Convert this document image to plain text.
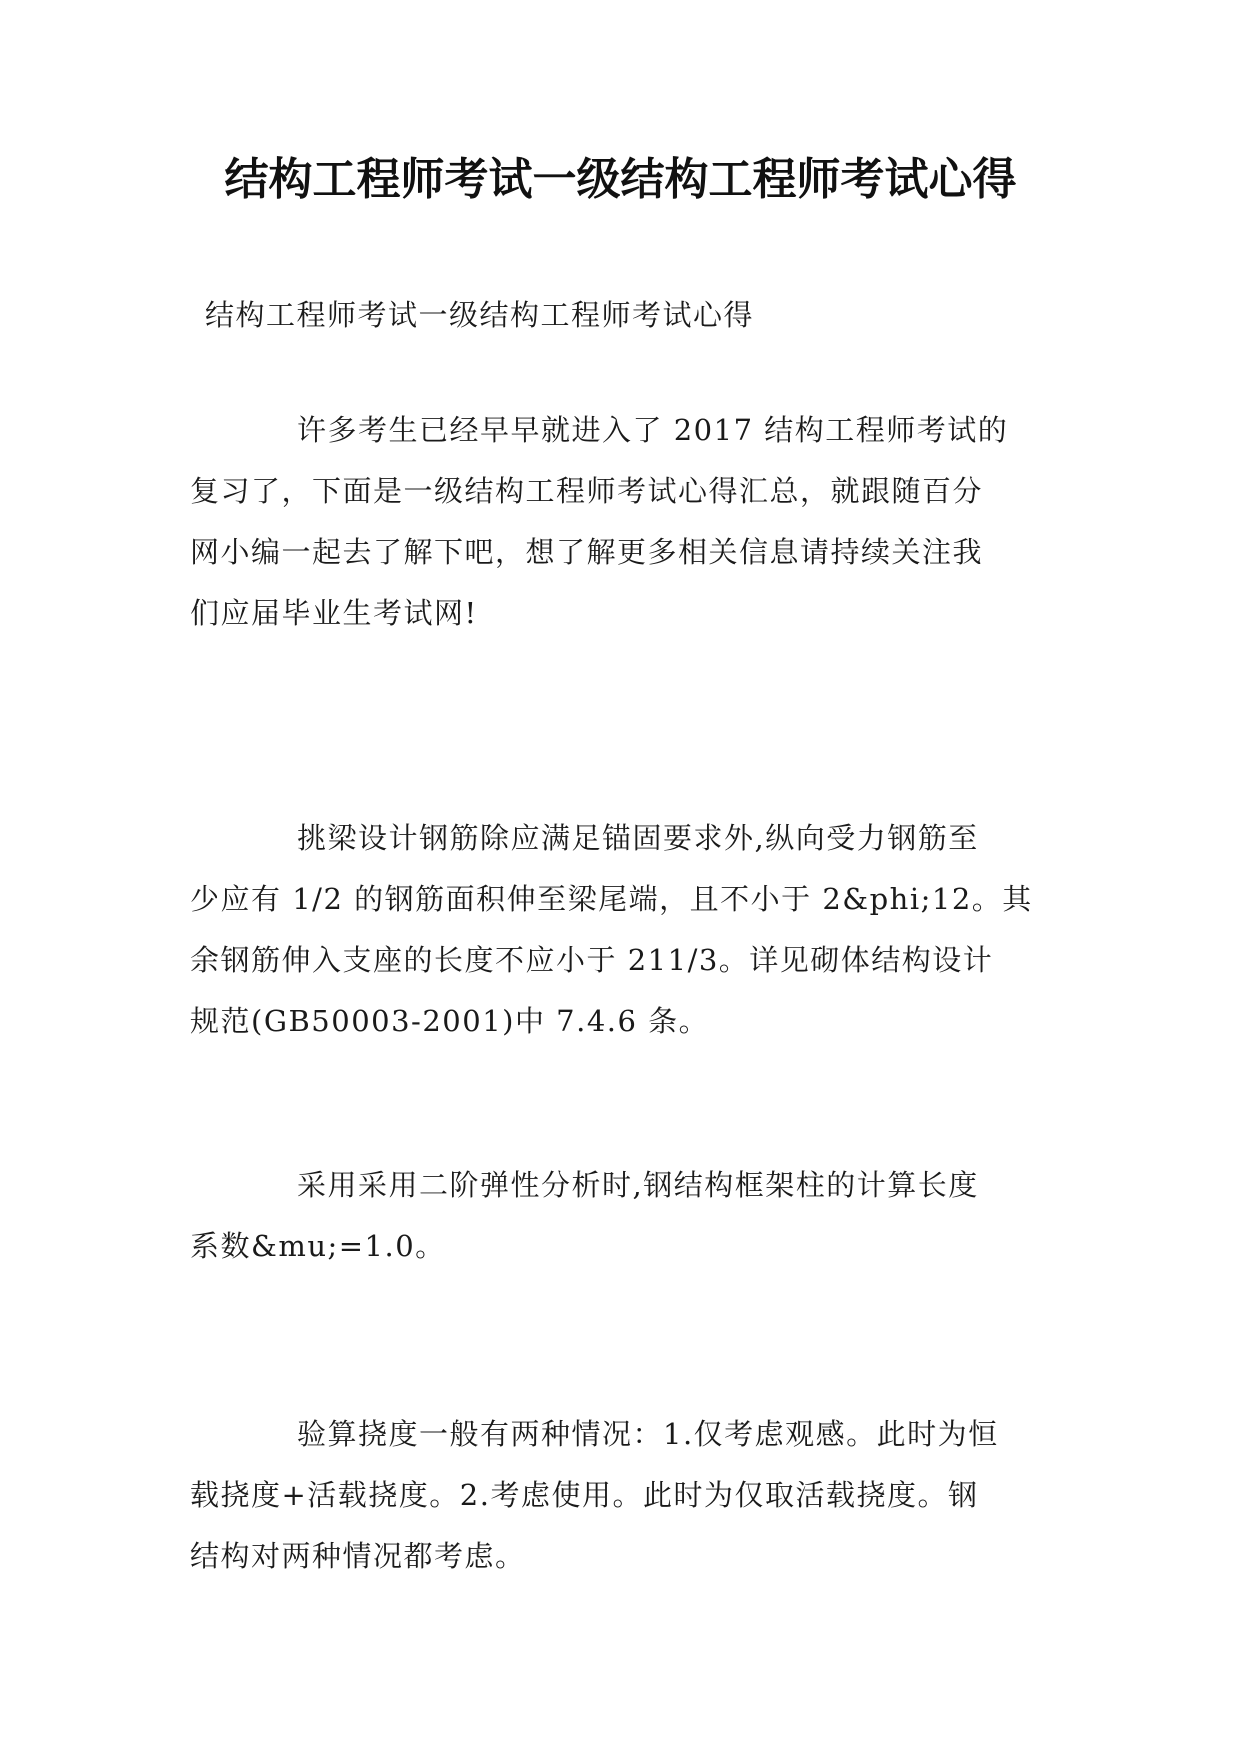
结构工程师考试一级结构工程师考试心得
结构工程师考试一级结构工程师考试心得
许多考生已经早早就进入了 2017 结构工程师考试的
复习了，下面是一级结构工程师考试心得汇总，就跟随百分
网小编一起去了解下吧，想了解更多相关信息请持续关注我
们应届毕业生考试网!
挑梁设计钢筋除应满足锚固要求外,纵向受力钢筋至
少应有 1/2 的钢筋面积伸至梁尾端，且不小于 2&phi;12。其
余钢筋伸入支座的长度不应小于 211/3。详见砌体结构设计
规范(GB50003-2001)中 7.4.6 条。
采用采用二阶弹性分析时,钢结构框架柱的计算长度
系数&mu;=1.0。
验算挠度一般有两种情况：1.仅考虑观感。此时为恒
载挠度+活载挠度。2.考虑使用。此时为仅取活载挠度。钢
结构对两种情况都考虑。
